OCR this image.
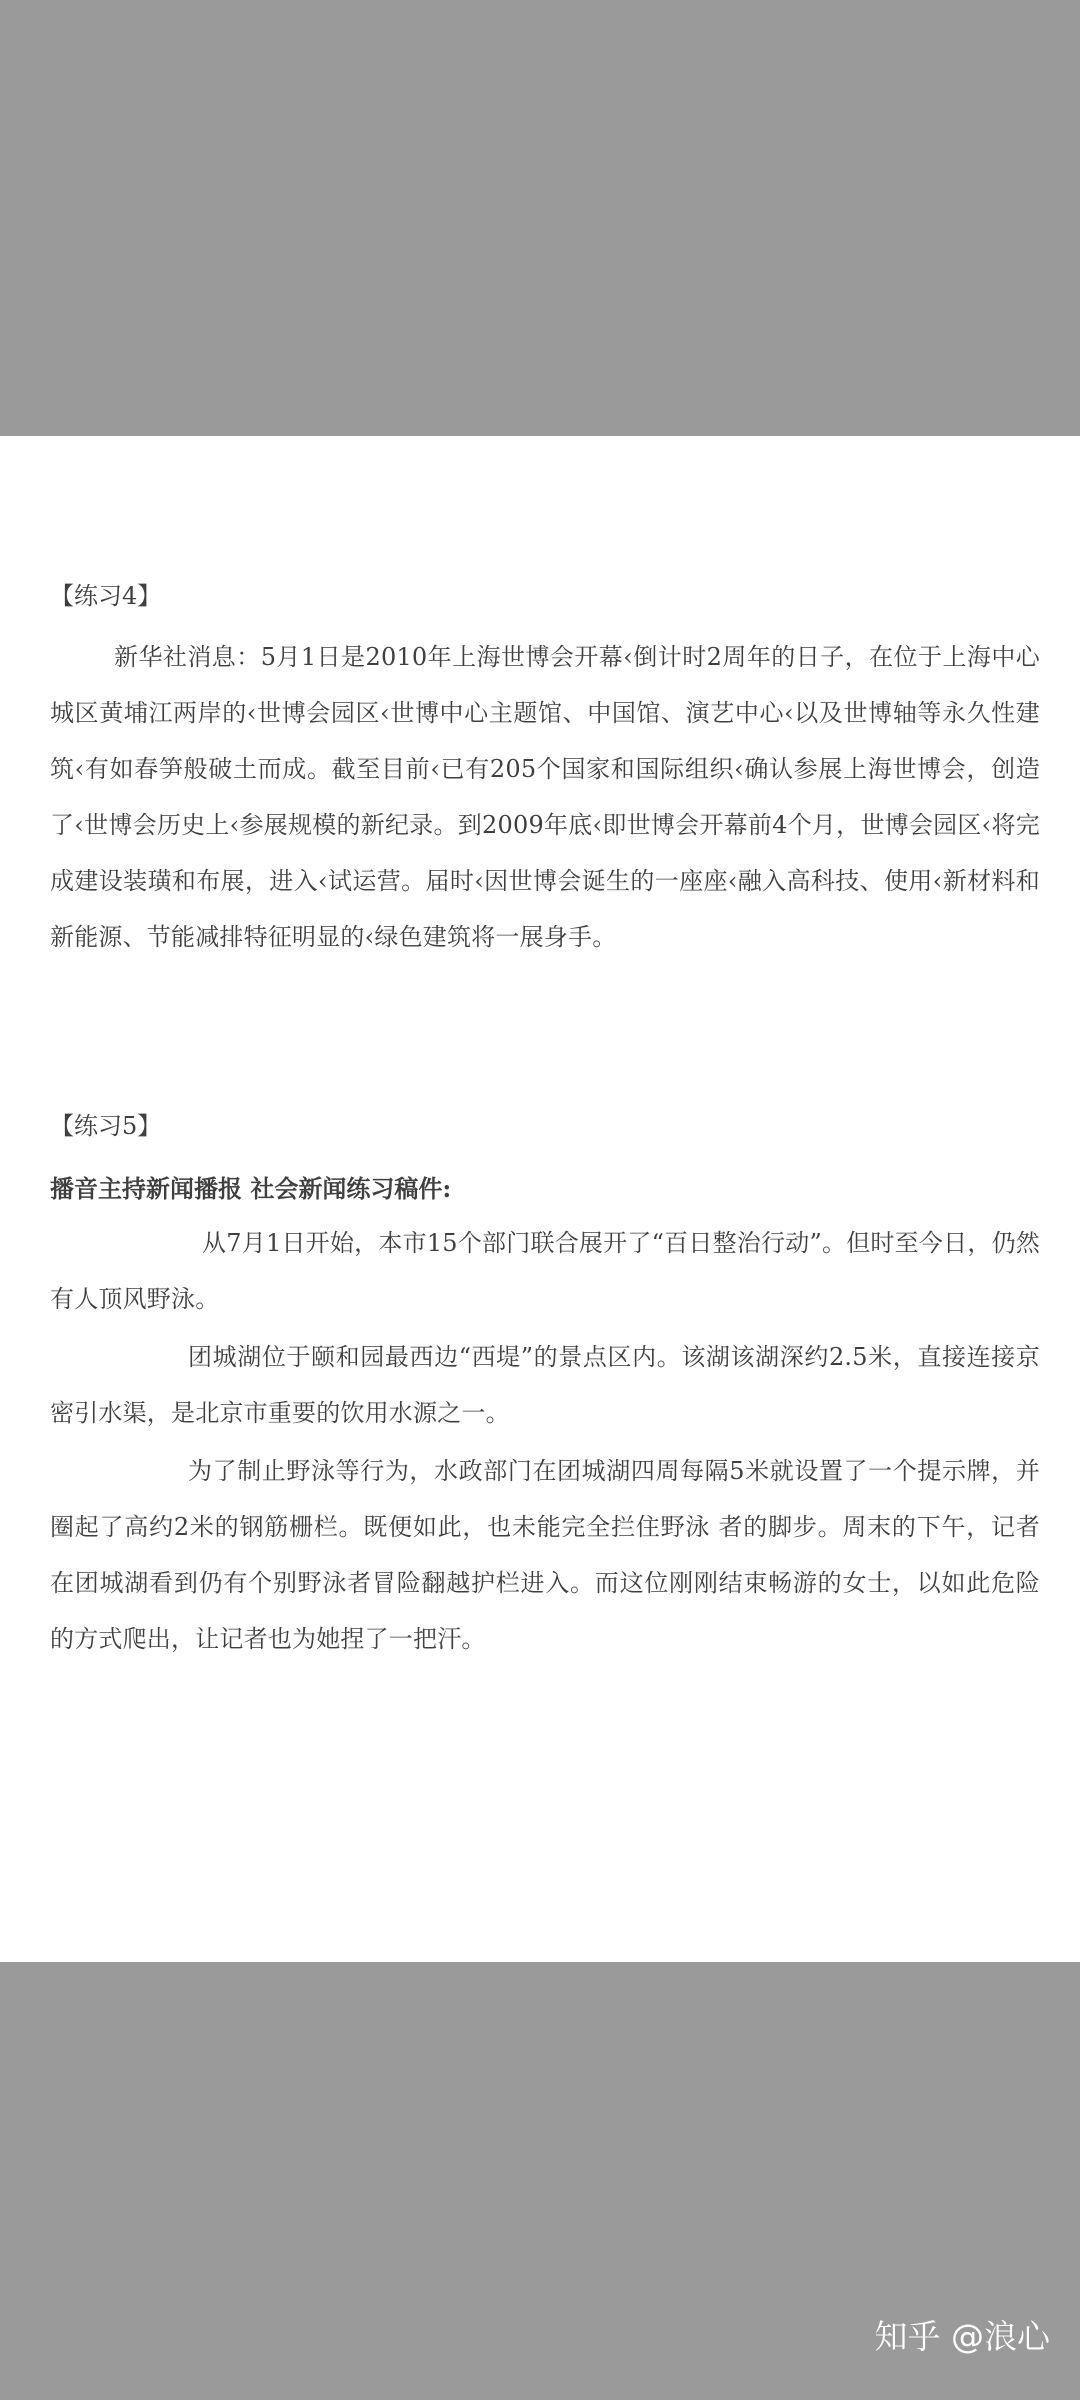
【练习4】

新华社消息：5月1日是2010年上海世博会开幕‹倒计时2周年的日子，在位于上海中心城区黄埔江两岸的‹世博会园区‹世博中心主题馆、中国馆、演艺中心‹以及世博轴等永久性建筑‹有如春笋般破土而成。截至目前‹已有205个国家和国际组织‹确认参展上海世博会，创造了‹世博会历史上‹参展规模的新纪录。到2009年底‹即世博会开幕前4个月，世博会园区‹将完成建设装璜和布展，进入‹试运营。届时‹因世博会诞生的一座座‹融入高科技、使用‹新材料和新能源、节能减排特征明显的‹绿色建筑将一展身手。

【练习5】
播音主持新闻播报 社会新闻练习稿件:

从7月1日开始，本市15个部门联合展开了“百日整治行动”。但时至今日，仍然有人顶风野泳。

团城湖位于颐和园最西边“西堤”的景点区内。该湖该湖深约2.5米，直接连接京密引水渠，是北京市重要的饮用水源之一。

为了制止野泳等行为，水政部门在团城湖四周每隔5米就设置了一个提示牌，并圈起了高约2米的钢筋栅栏。既便如此，也未能完全拦住野泳 者的脚步。周末的下午，记者在团城湖看到仍有个别野泳者冒险翻越护栏进入。而这位刚刚结束畅游的女士，以如此危险的方式爬出，让记者也为她捏了一把汗。

知乎 @浪心
